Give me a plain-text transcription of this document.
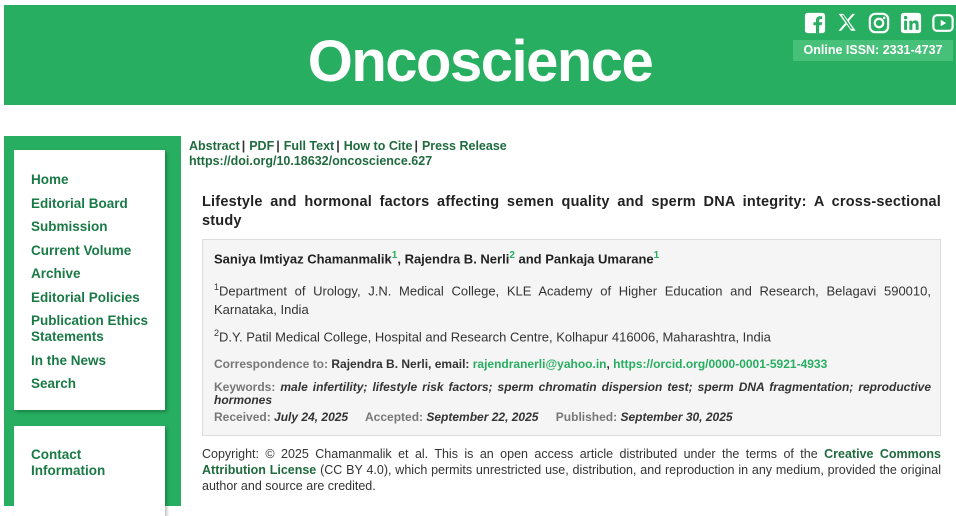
Oncoscience	Online ISSN: 2331-4737
Home
Editorial Board
Submission
Current Volume
Archive
Editorial Policies
Publication Ethics Statements
In the News
Search
Contact Information
Abstract | PDF | Full Text | How to Cite | Press Release
https://doi.org/10.18632/oncoscience.627
Lifestyle and hormonal factors affecting semen quality and sperm DNA integrity: A cross-sectional study
Saniya Imtiyaz Chamanmalik$^1$, Rajendra B. Nerli$^2$ and Pankaja Umarane$^1$
$^1$Department of Urology, J.N. Medical College, KLE Academy of Higher Education and Research, Belagavi 590010, Karnataka, India
$^2$D.Y. Patil Medical College, Hospital and Research Centre, Kolhapur 416006, Maharashtra, India
Correspondence to: Rajendra B. Nerli, email: rajendranerli@yahoo.in, https://orcid.org/0000-0001-5921-4933
Keywords: male infertility; lifestyle risk factors; sperm chromatin dispersion test; sperm DNA fragmentation; reproductive hormones
Received: July 24, 2025 Accepted: September 22, 2025 Published: September 30, 2025
Copyright: © 2025 Chamanmalik et al. This is an open access article distributed under the terms of the Creative Commons Attribution License (CC BY 4.0), which permits unrestricted use, distribution, and reproduction in any medium, provided the original author and source are credited.
